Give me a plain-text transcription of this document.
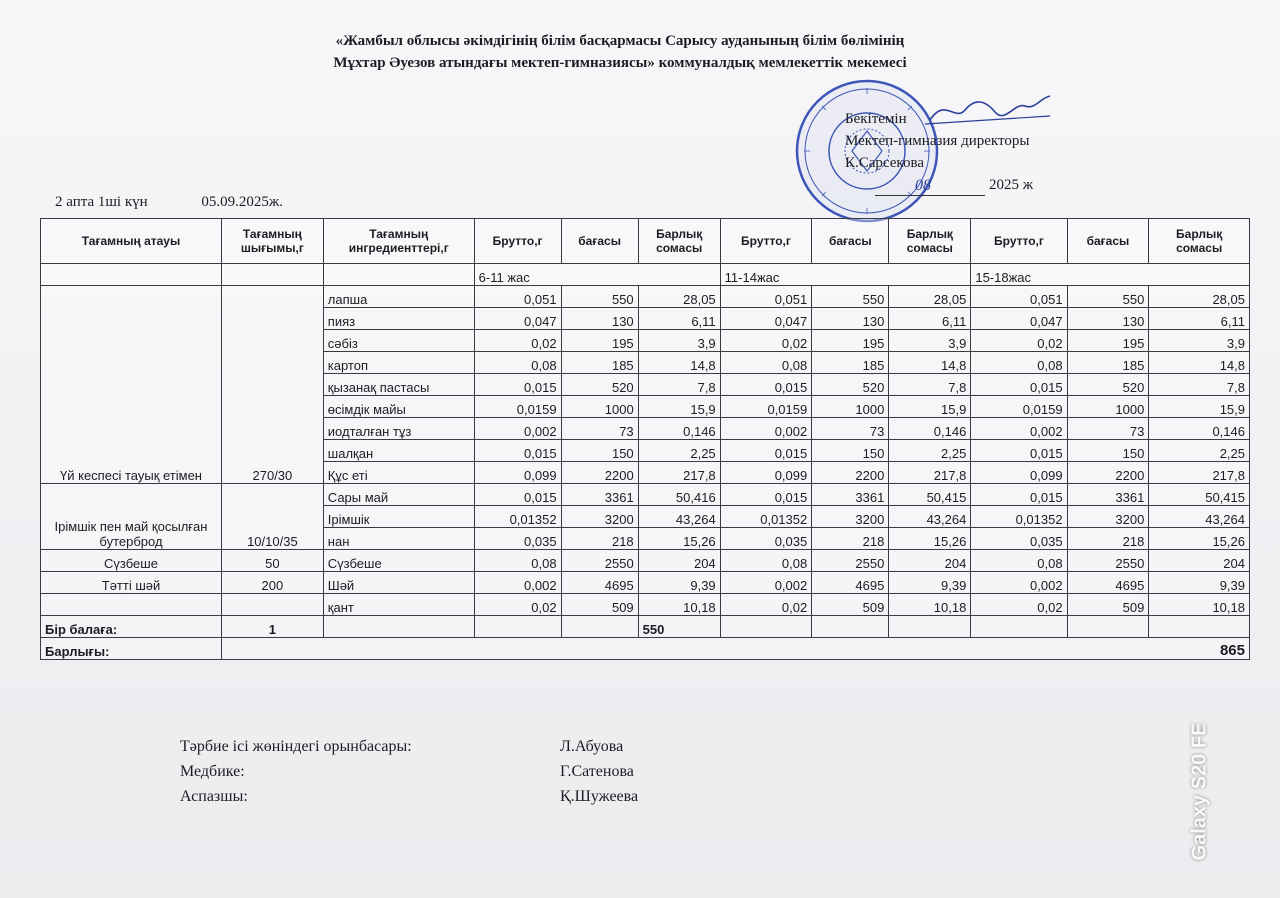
«Жамбыл облысы әкімдігінің білім басқармасы Сарысу ауданының білім бөлімінің
Мұхтар Әуезов атындағы мектеп-гимназиясы» коммуналдық мемлекеттік мекемесі
Бекітемін
Мектеп-гимназия директоры
К.Сарсекова
08	2025 ж
2 апта 1ші күн	05.09.2025ж.
Тағамның атауы	Тағамның шығымы,г	Тағамның ингредиенттері,г	Брутто,г	бағасы	Барлық сомасы	Брутто,г	бағасы	Барлық сомасы	Брутто,г	бағасы	Барлық сомасы
			6-11 жас			11-14жас			15-18жас		
Үй кеспесі тауық етімен	270/30	лапша	0,051	550	28,05	0,051	550	28,05	0,051	550	28,05
		пияз	0,047	130	6,11	0,047	130	6,11	0,047	130	6,11
		сәбіз	0,02	195	3,9	0,02	195	3,9	0,02	195	3,9
		картоп	0,08	185	14,8	0,08	185	14,8	0,08	185	14,8
		қызанақ пастасы	0,015	520	7,8	0,015	520	7,8	0,015	520	7,8
		өсімдік майы	0,0159	1000	15,9	0,0159	1000	15,9	0,0159	1000	15,9
		иодталған тұз	0,002	73	0,146	0,002	73	0,146	0,002	73	0,146
		шалқан	0,015	150	2,25	0,015	150	2,25	0,015	150	2,25
		Құс еті	0,099	2200	217,8	0,099	2200	217,8	0,099	2200	217,8
Ірімшік пен май қосылған бутерброд	10/10/35	Сары май	0,015	3361	50,416	0,015	3361	50,415	0,015	3361	50,415
		Ірімшік	0,01352	3200	43,264	0,01352	3200	43,264	0,01352	3200	43,264
		нан	0,035	218	15,26	0,035	218	15,26	0,035	218	15,26
Сүзбеше	50	Сүзбеше	0,08	2550	204	0,08	2550	204	0,08	2550	204
Тәтті шәй	200	Шәй	0,002	4695	9,39	0,002	4695	9,39	0,002	4695	9,39
		қант	0,02	509	10,18	0,02	509	10,18	0,02	509	10,18
Бір балаға:	1				550						
Барлығы:	865										
Тәрбие ісі жөніндегі орынбасары:	Л.Абуова
Медбике:	Г.Сатенова
Аспазшы:	Қ.Шужеева	Galaxy S20 FE
